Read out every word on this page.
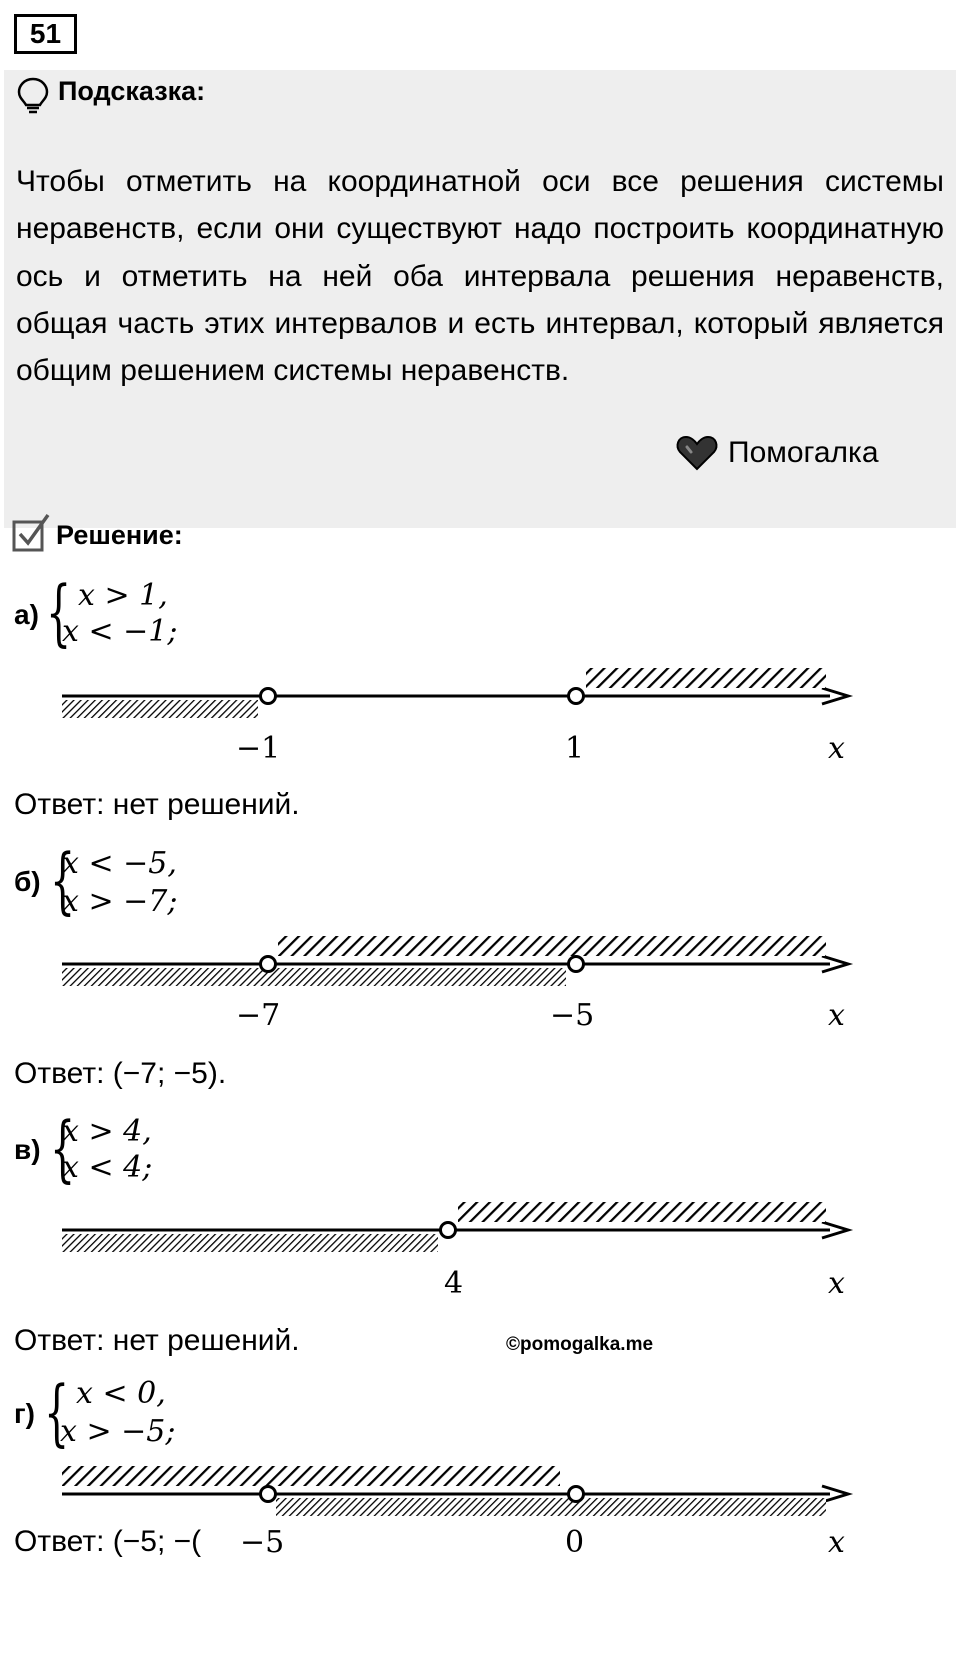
51
Подсказка:
Чтобы отметить на координатной оси все решения системы неравенств, если они существуют надо построить координатную ось и отметить на ней оба интервала решения неравенств, общая часть этих интервалов и есть интервал, который является общим решением системы неравенств.
Помогалка
Решение:
а) { x > 1,
x < −1;
−1	1	x
Ответ: нет решений.
б) {
x < −5,
x > −7;
−7	−5	x
Ответ: (−7; −5).
в) {
x > 4,
x < 4;
4	x
Ответ: нет решений.	©pomogalka.me
г) { x < 0,
x > −5;
Ответ: (−5; −(	−5	0	x
